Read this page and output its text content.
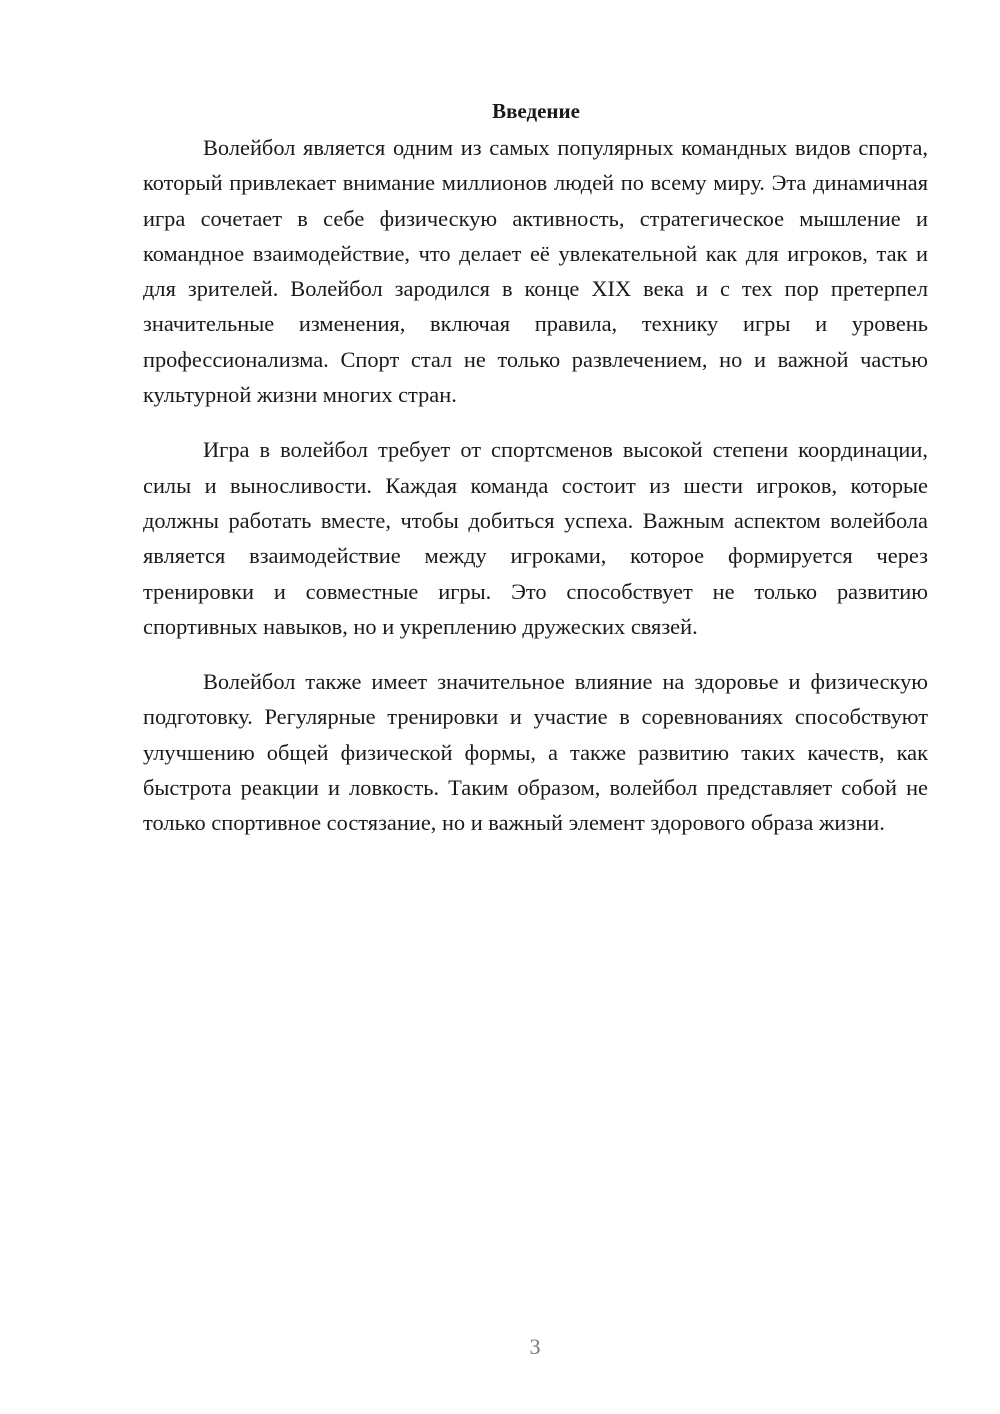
Введение

Волейбол является одним из самых популярных командных видов спорта, который привлекает внимание миллионов людей по всему миру. Эта динамичная игра сочетает в себе физическую активность, стратегическое мышление и командное взаимодействие, что делает её увлекательной как для игроков, так и для зрителей. Волейбол зародился в конце XIX века и с тех пор претерпел значительные изменения, включая правила, технику игры и уровень профессионализма. Спорт стал не только развлечением, но и важной частью культурной жизни многих стран.

Игра в волейбол требует от спортсменов высокой степени координации, силы и выносливости. Каждая команда состоит из шести игроков, которые должны работать вместе, чтобы добиться успеха. Важным аспектом волейбола является взаимодействие между игроками, которое формируется через тренировки и совместные игры. Это способствует не только развитию спортивных навыков, но и укреплению дружеских связей.

Волейбол также имеет значительное влияние на здоровье и физическую подготовку. Регулярные тренировки и участие в соревнованиях способствуют улучшению общей физической формы, а также развитию таких качеств, как быстрота реакции и ловкость. Таким образом, волейбол представляет собой не только спортивное состязание, но и важный элемент здорового образа жизни.

3
